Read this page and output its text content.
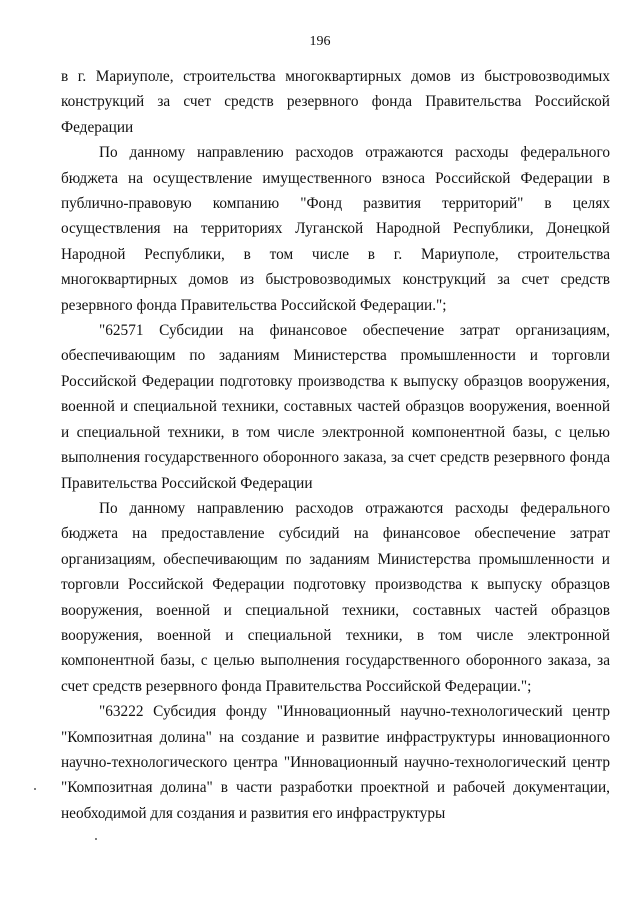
196

в г. Мариуполе, строительства многоквартирных домов из быстровозводимых конструкций за счет средств резервного фонда Правительства Российской Федерации

По данному направлению расходов отражаются расходы федерального бюджета на осуществление имущественного взноса Российской Федерации в публично-правовую компанию "Фонд развития территорий" в целях осуществления на территориях Луганской Народной Республики, Донецкой Народной Республики, в том числе в г. Мариуполе, строительства многоквартирных домов из быстровозводимых конструкций за счет средств резервного фонда Правительства Российской Федерации.";

"62571 Субсидии на финансовое обеспечение затрат организациям, обеспечивающим по заданиям Министерства промышленности и торговли Российской Федерации подготовку производства к выпуску образцов вооружения, военной и специальной техники, составных частей образцов вооружения, военной и специальной техники, в том числе электронной компонентной базы, с целью выполнения государственного оборонного заказа, за счет средств резервного фонда Правительства Российской Федерации

По данному направлению расходов отражаются расходы федерального бюджета на предоставление субсидий на финансовое обеспечение затрат организациям, обеспечивающим по заданиям Министерства промышленности и торговли Российской Федерации подготовку производства к выпуску образцов вооружения, военной и специальной техники, составных частей образцов вооружения, военной и специальной техники, в том числе электронной компонентной базы, с целью выполнения государственного оборонного заказа, за счет средств резервного фонда Правительства Российской Федерации.";

"63222 Субсидия фонду "Инновационный научно-технологический центр "Композитная долина" на создание и развитие инфраструктуры инновационного научно-технологического центра "Инновационный научно-технологический центр "Композитная долина" в части разработки проектной и рабочей документации, необходимой для создания и развития его инфраструктуры
